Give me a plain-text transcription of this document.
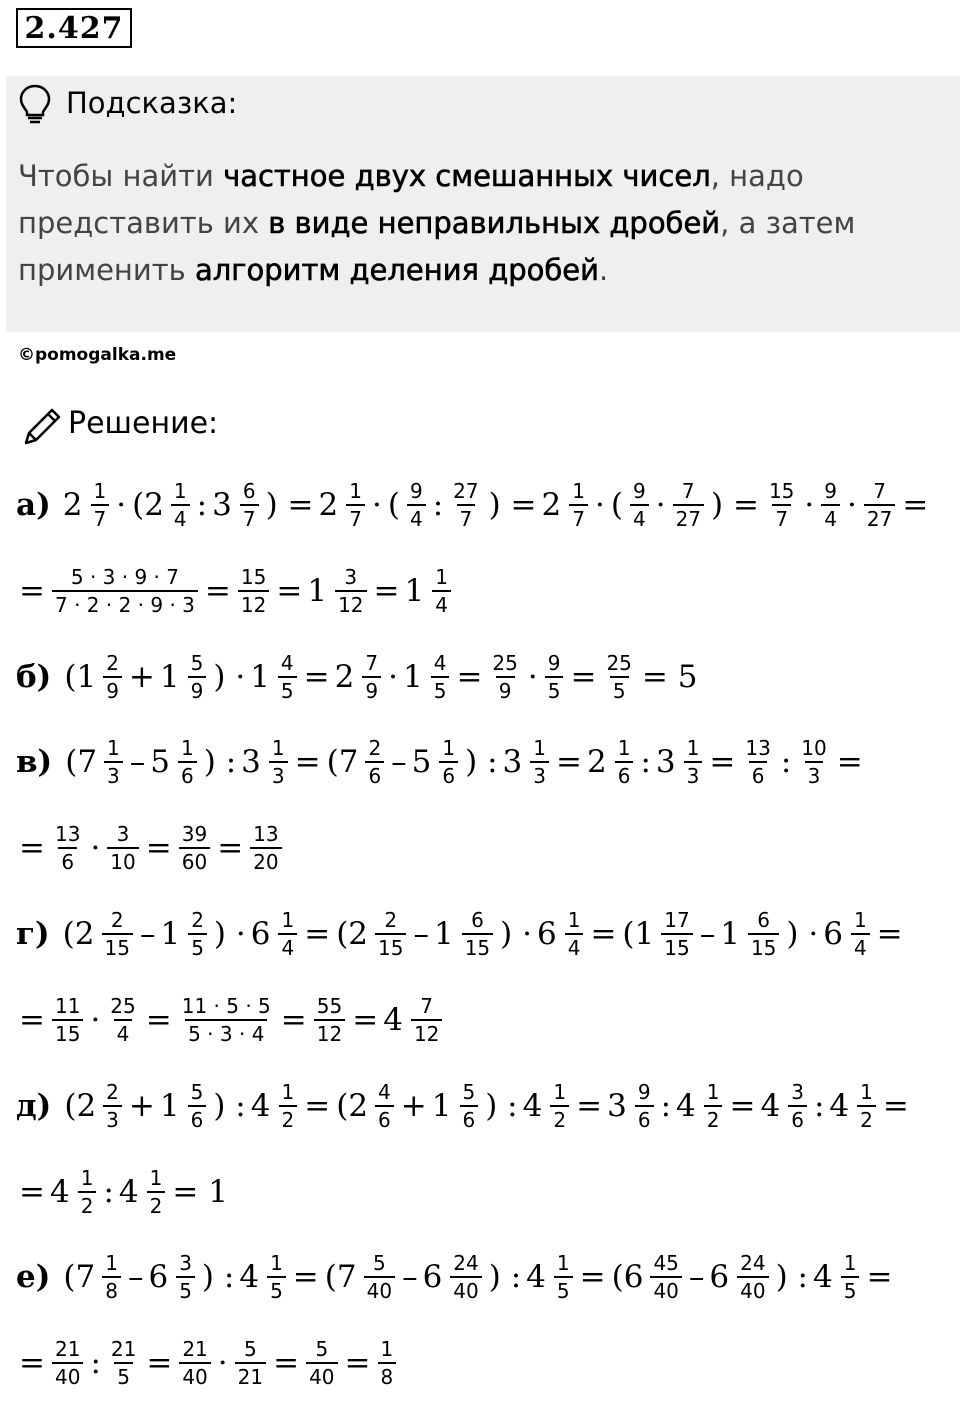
2.427
Подсказка:
Чтобы найти частное двух смешанных чисел, надо представить их в виде неправильных дробей, а затем применить алгоритм деления дробей.
©pomogalka.me
Решение:
а) $2 \frac{1}{7} \cdot (2 \frac{1}{4}$ : $3 \frac{6}{7}$ ) = $2 \frac{1}{7}$ · ( $\frac{9}{4}$ : $\frac{27}{7}$ ) = $2 \frac{1}{7}$ · ( $\frac{9}{4} \cdot \frac{7}{27}$ ) = $\frac{15}{7} \cdot \frac{9}{4} \cdot \frac{7}{27}$ =
= $\frac{5 \cdot 3 \cdot 9 \cdot 7}{7 \cdot 2 \cdot 2 \cdot 9 \cdot 3} = \frac{15}{12} = 1 \frac{3}{12} = 1 \frac{1}{4}$
б) ($1 \frac{2}{9} + 1 \frac{5}{9}$ ) · $1 \frac{4}{5} = 2 \frac{7}{9} \cdot 1 \frac{4}{5} = \frac{25}{9} \cdot \frac{9}{5} = \frac{25}{5} = 5$
в) ($7 \frac{1}{3} - 5 \frac{1}{6}$ ) : $3 \frac{1}{3} = (7 \frac{2}{6} - 5 \frac{1}{6}$ ) : $3 \frac{1}{3} = 2 \frac{1}{6}$ : $3 \frac{1}{3} = \frac{13}{6}$ : $\frac{10}{3}$ =
= $\frac{13}{6} \cdot \frac{3}{10} = \frac{39}{60} = \frac{13}{20}$
г) ($2 \frac{2}{15} - 1 \frac{2}{5}$ ) · $6 \frac{1}{4} = (2 \frac{2}{15} - 1 \frac{6}{15}$ ) · $6 \frac{1}{4} = (1 \frac{17}{15} - 1 \frac{6}{15}$ ) · $6 \frac{1}{4}$ =
= $\frac{11}{15} \cdot \frac{25}{4} = \frac{11 \cdot 5 \cdot 5}{5 \cdot 3 \cdot 4} = \frac{55}{12} = 4 \frac{7}{12}$
д) ($2 \frac{2}{3} + 1 \frac{5}{6}$ ) : $4 \frac{1}{2} = (2 \frac{4}{6} + 1 \frac{5}{6}$ ) : $4 \frac{1}{2} = 3 \frac{9}{6}$ : $4 \frac{1}{2} = 4 \frac{3}{6}$ : $4 \frac{1}{2}$ =
= $4 \frac{1}{2}$ : $4 \frac{1}{2} = 1$
е) ($7 \frac{1}{8} - 6 \frac{3}{5}$ ) : $4 \frac{1}{5} = (7 \frac{5}{40} - 6 \frac{24}{40}$ ) : $4 \frac{1}{5} = (6 \frac{45}{40} - 6 \frac{24}{40}$ ) : $4 \frac{1}{5}$ =
= $\frac{21}{40}$ : $\frac{21}{5} = \frac{21}{40} \cdot \frac{5}{21} = \frac{5}{40} = \frac{1}{8}$
